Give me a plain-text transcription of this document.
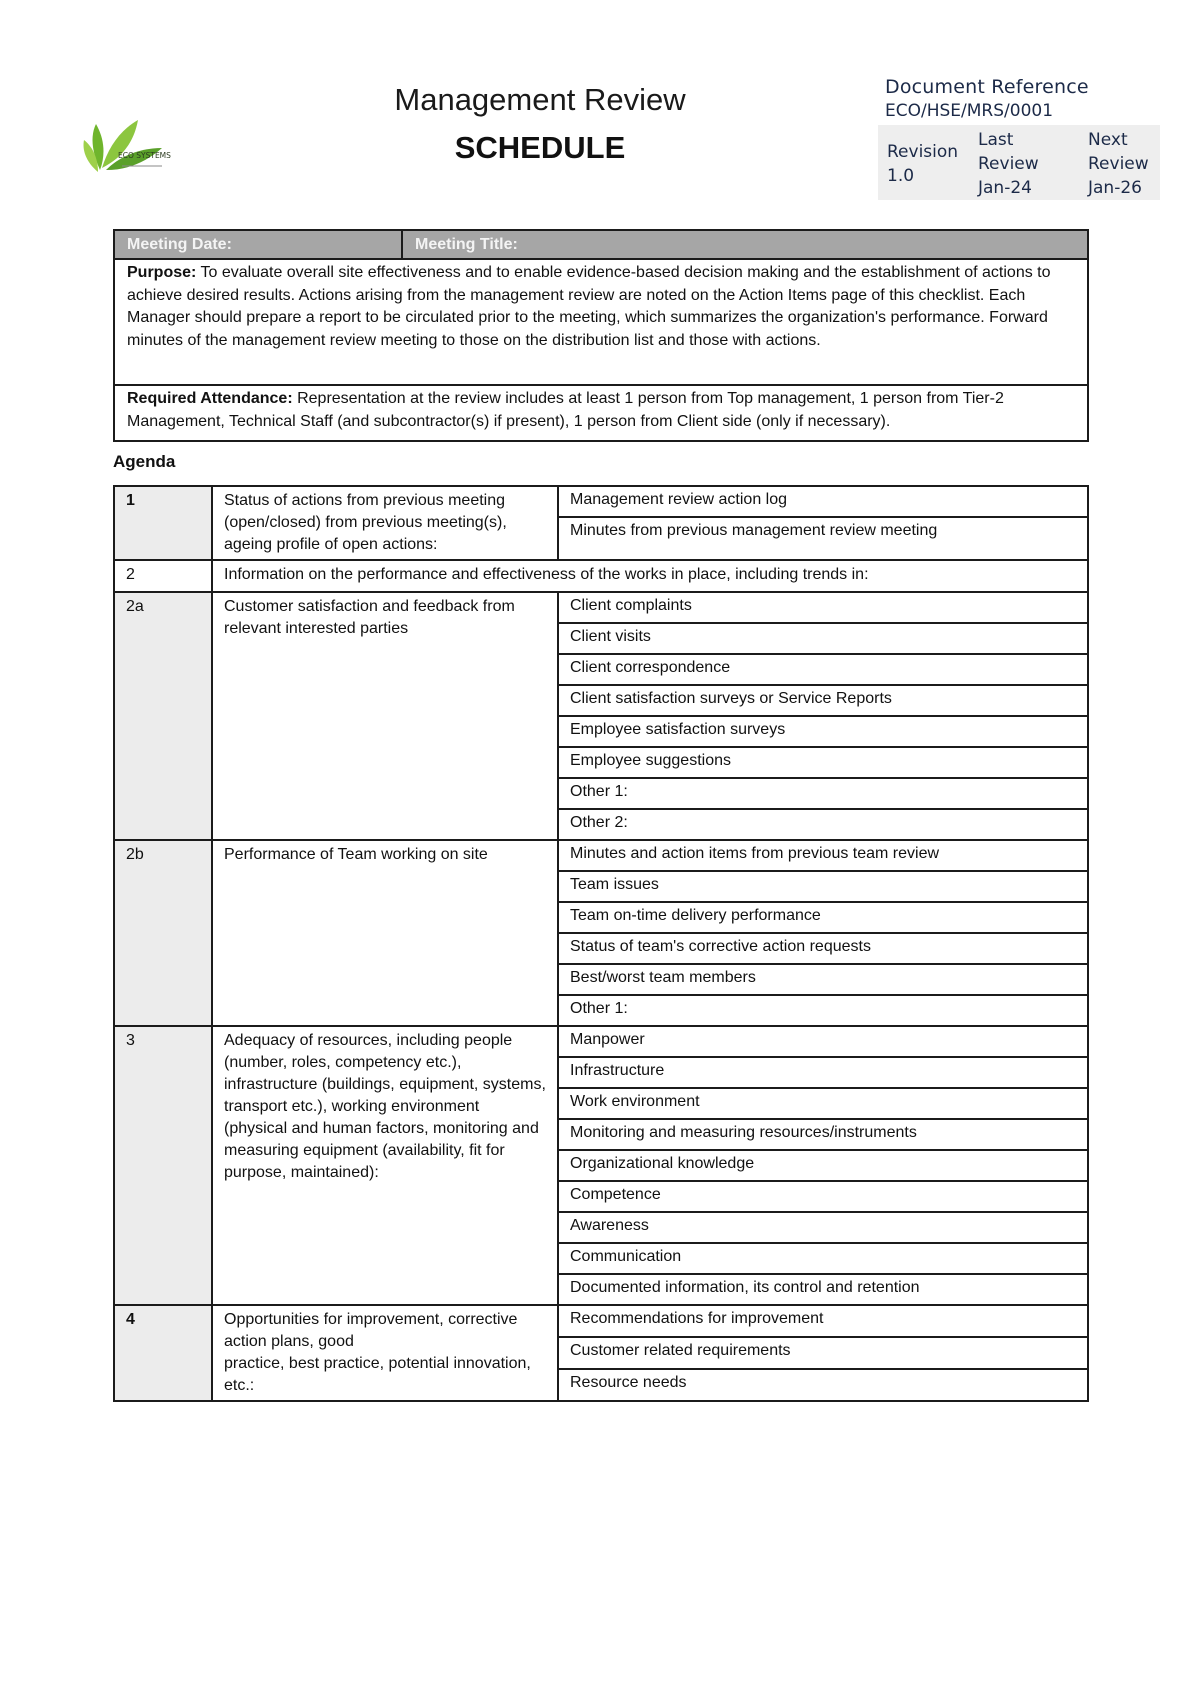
ECO SYSTEMS
Management Review
SCHEDULE
Document Reference
ECO/HSE/MRS/0001
Revision
1.0
Last
Review
Jan-24
Next
Review
Jan-26
Meeting Date:	Meeting Title:
Purpose: To evaluate overall site effectiveness and to enable evidence-based decision making and the establishment of actions to achieve desired results. Actions arising from the management review are noted on the Action Items page of this checklist. Each Manager should prepare a report to be circulated prior to the meeting, which summarizes the organization's performance. Forward minutes of the management review meeting to those on the distribution list and those with actions.
Required Attendance: Representation at the review includes at least 1 person from Top management, 1 person from Tier-2 Management, Technical Staff (and subcontractor(s) if present), 1 person from Client side (only if necessary).
Agenda
1	Status of actions from previous meeting (open/closed) from previous meeting(s), ageing profile of open actions:	Management review action log
		Minutes from previous management review meeting
2	Information on the performance and effectiveness of the works in place, including trends in:	
2a	Customer satisfaction and feedback from relevant interested parties	Client complaints
		Client visits
		Client correspondence
		Client satisfaction surveys or Service Reports
		Employee satisfaction surveys
		Employee suggestions
		Other 1:
		Other 2:
2b	Performance of Team working on site	Minutes and action items from previous team review
		Team issues
		Team on-time delivery performance
		Status of team's corrective action requests
		Best/worst team members
		Other 1:
3	Adequacy of resources, including people (number, roles, competency etc.), infrastructure (buildings, equipment, systems, transport etc.), working environment (physical and human factors, monitoring and measuring equipment (availability, fit for purpose, maintained):	Manpower
		Infrastructure
		Work environment
		Monitoring and measuring resources/instruments
		Organizational knowledge
		Competence
		Awareness
		Communication
		Documented information, its control and retention
4	Opportunities for improvement, corrective action plans, good
practice, best practice, potential innovation, etc.:	Recommendations for improvement
		Customer related requirements
		Resource needs
